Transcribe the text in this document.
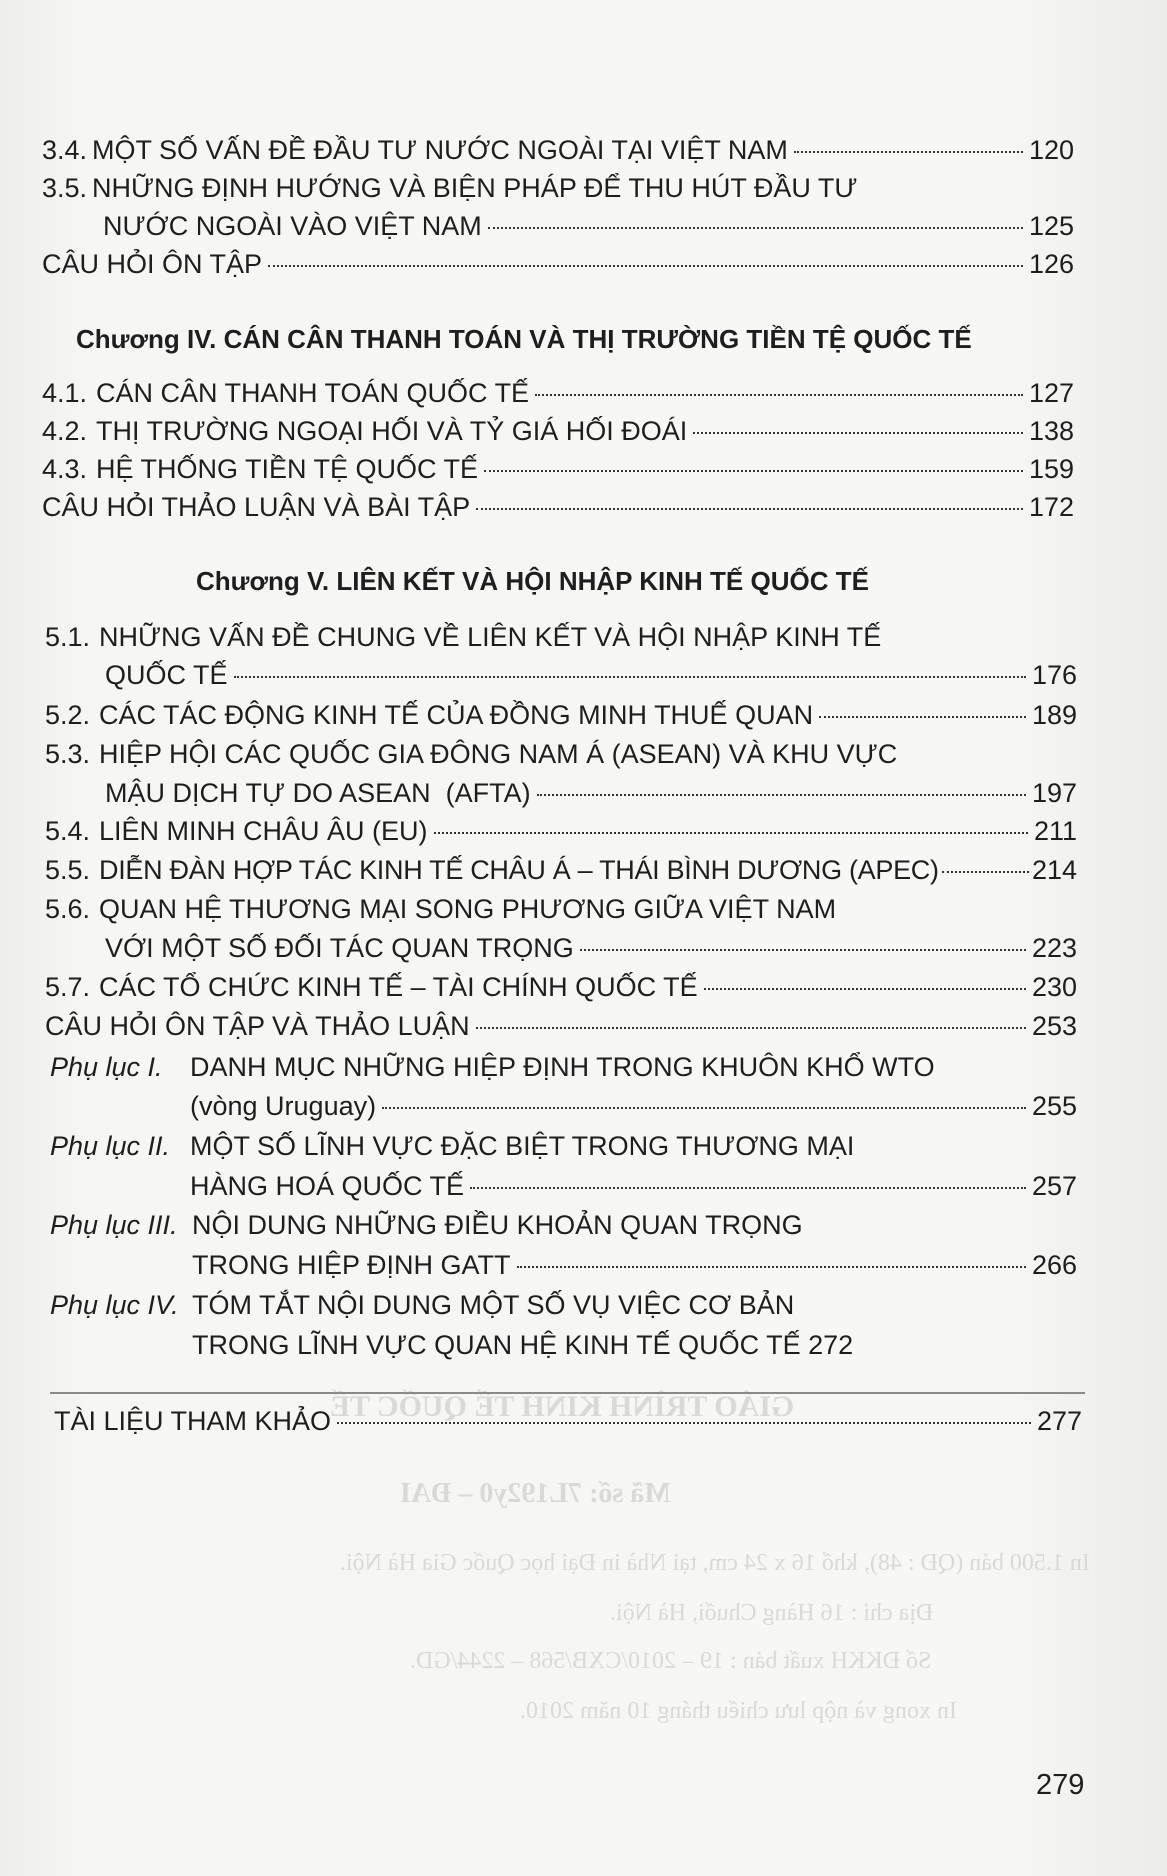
GIÁO TRÌNH KINH TẾ QUỐC TẾ
Mã số: 7L192y0 – ĐAI
In 1.500 bản (QĐ : 48), khổ 16 x 24 cm, tại Nhà in Đại học Quốc Gia Hà Nội.
Địa chỉ : 16 Hàng Chuối, Hà Nội.
Số ĐKKH xuất bản : 19 – 2010/CXB/568 – 2244/GD.
In xong và nộp lưu chiểu tháng 10 năm 2010.
3.4. MỘT SỐ VẤN ĐỀ ĐẦU TƯ NƯỚC NGOÀI TẠI VIỆT NAM	120
3.5. NHỮNG ĐỊNH HƯỚNG VÀ BIỆN PHÁP ĐỂ THU HÚT ĐẦU TƯ
NƯỚC NGOÀI VÀO VIỆT NAM	125
CÂU HỎI ÔN TẬP	126
Chương IV. CÁN CÂN THANH TOÁN VÀ THỊ TRƯỜNG TIỀN TỆ QUỐC TẾ
4.1. CÁN CÂN THANH TOÁN QUỐC TẾ	127
4.2. THỊ TRƯỜNG NGOẠI HỐI VÀ TỶ GIÁ HỐI ĐOÁI	138
4.3. HỆ THỐNG TIỀN TỆ QUỐC TẾ	159
CÂU HỎI THẢO LUẬN VÀ BÀI TẬP	172
Chương V. LIÊN KẾT VÀ HỘI NHẬP KINH TẾ QUỐC TẾ
5.1. NHỮNG VẤN ĐỀ CHUNG VỀ LIÊN KẾT VÀ HỘI NHẬP KINH TẾ
QUỐC TẾ	176
5.2. CÁC TÁC ĐỘNG KINH TẾ CỦA ĐỒNG MINH THUẾ QUAN	189
5.3. HIỆP HỘI CÁC QUỐC GIA ĐÔNG NAM Á (ASEAN) VÀ KHU VỰC
MẬU DỊCH TỰ DO ASEAN  (AFTA)	197
5.4. LIÊN MINH CHÂU ÂU (EU)	211
5.5. DIỄN ĐÀN HỢP TÁC KINH TẾ CHÂU Á – THÁI BÌNH DƯƠNG (APEC)	214
5.6. QUAN HỆ THƯƠNG MẠI SONG PHƯƠNG GIỮA VIỆT NAM
VỚI MỘT SỐ ĐỐI TÁC QUAN TRỌNG	223
5.7. CÁC TỔ CHỨC KINH TẾ – TÀI CHÍNH QUỐC TẾ	230
CÂU HỎI ÔN TẬP VÀ THẢO LUẬN	253
Phụ lục I.	DANH MỤC NHỮNG HIỆP ĐỊNH TRONG KHUÔN KHỔ WTO
(vòng Uruguay)	255
Phụ lục II. MỘT SỐ LĨNH VỰC ĐẶC BIỆT TRONG THƯƠNG MẠI
HÀNG HOÁ QUỐC TẾ	257
Phụ lục III. NỘI DUNG NHỮNG ĐIỀU KHOẢN QUAN TRỌNG
TRONG HIỆP ĐỊNH GATT	266
Phụ lục IV. TÓM TẮT NỘI DUNG MỘT SỐ VỤ VIỆC CƠ BẢN
TRONG LĨNH VỰC QUAN HỆ KINH TẾ QUỐC TẾ 272
TÀI LIỆU THAM KHẢO	277
279
